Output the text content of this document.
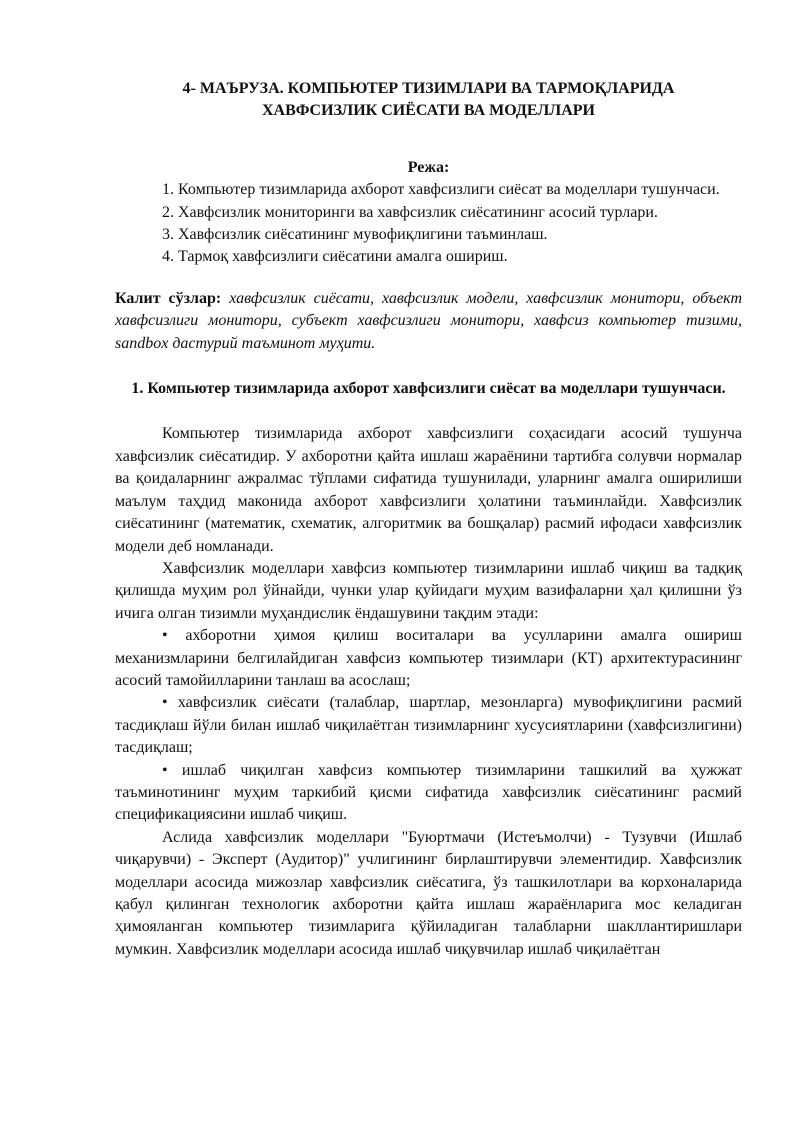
4- МАЪРУЗА. КОМПЬЮТЕР ТИЗИМЛАРИ ВА ТАРМОҚЛАРИДА
ХАВФСИЗЛИК СИЁСАТИ ВА МОДЕЛЛАРИ
Режа:
1. Компьютер тизимларида ахборот хавфсизлиги сиёсат ва моделлари тушунчаси.
2. Хавфсизлик мониторинги ва хавфсизлик сиёсатининг асосий турлари.
3. Хавфсизлик сиёсатининг мувофиқлигини таъминлаш.
4. Тармоқ хавфсизлиги сиёсатини амалга ошириш.
Калит сўзлар: хавфсизлик сиёсати, хавфсизлик модели, хавфсизлик монитори, объект хавфсизлиги монитори, субъект хавфсизлиги монитори, хавфсиз компьютер тизими, sandbox дастурий таъминот муҳити.
1. Компьютер тизимларида ахборот хавфсизлиги сиёсат ва моделлари тушунчаси.

Компьютер тизимларида ахборот хавфсизлиги соҳасидаги асосий тушунча хавфсизлик сиёсатидир. У ахборотни қайта ишлаш жараёнини тартибга солувчи нормалар ва қоидаларнинг ажралмас тўплами сифатида тушунилади, уларнинг амалга оширилиши маълум таҳдид маконида ахборот хавфсизлиги ҳолатини таъминлайди. Хавфсизлик сиёсатининг (математик, схематик, алгоритмик ва бошқалар) расмий ифодаси хавфсизлик модели деб номланади.

Хавфсизлик моделлари хавфсиз компьютер тизимларини ишлаб чиқиш ва тадқиқ қилишда муҳим рол ўйнайди, чунки улар қуйидаги муҳим вазифаларни ҳал қилишни ўз ичига олган тизимли муҳандислик ёндашувини тақдим этади:

• ахборотни ҳимоя қилиш воситалари ва усулларини амалга ошириш механизмларини белгилайдиган хавфсиз компьютер тизимлари (КТ) архитектурасининг асосий тамойилларини танлаш ва асослаш;

• хавфсизлик сиёсати (талаблар, шартлар, мезонларга) мувофиқлигини расмий тасдиқлаш йўли билан ишлаб чиқилаётган тизимларнинг хусусиятларини (хавфсизлигини) тасдиқлаш;

• ишлаб чиқилган хавфсиз компьютер тизимларини ташкилий ва ҳужжат таъминотининг муҳим таркибий қисми сифатида хавфсизлик сиёсатининг расмий спецификациясини ишлаб чиқиш.

Аслида хавфсизлик моделлари "Буюртмачи (Истеъмолчи) - Тузувчи (Ишлаб чиқарувчи) - Эксперт (Аудитор)" учлигининг бирлаштирувчи элементидир. Хавфсизлик моделлари асосида мижозлар хавфсизлик сиёсатига, ўз ташкилотлари ва корхоналарида қабул қилинган технологик ахборотни қайта ишлаш жараёнларига мос келадиган ҳимояланган компьютер тизимларига қўйиладиган талабларни шакллантиришлари мумкин. Хавфсизлик моделлари асосида ишлаб чиқувчилар ишлаб чиқилаётган
